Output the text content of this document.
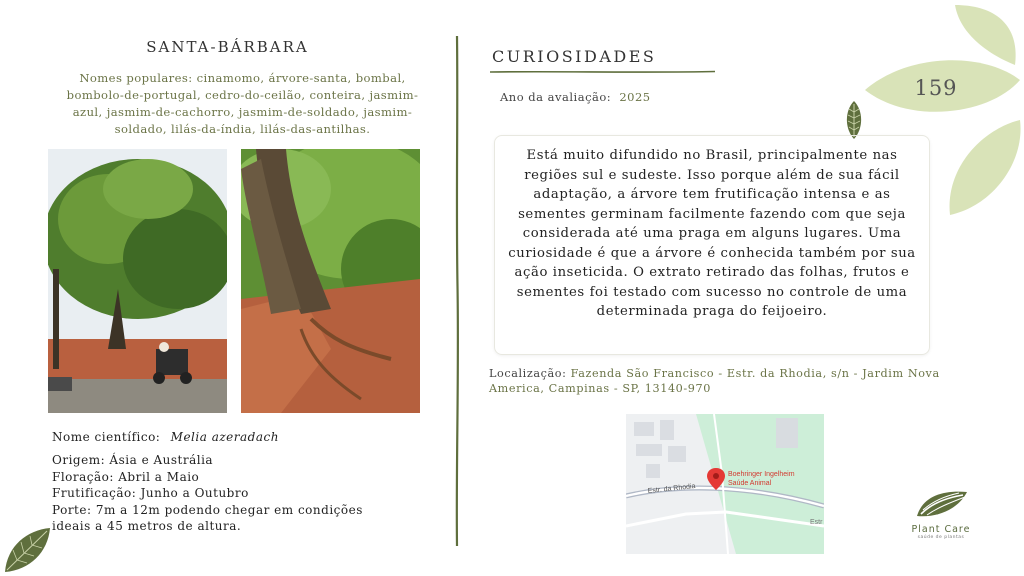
SANTA-BÁRBARA
Nomes populares: cinamomo, árvore-santa, bombal, bombolo-de-portugal, cedro-do-ceilão, conteira, jasmim-azul, jasmim-de-cachorro, jasmim-de-soldado, jasmim-soldado, lilás-da-índia, lilás-das-antilhas.
Nome científico: Melia azeradach
Origem: Ásia e Austrália
Floração: Abril a Maio
Frutificação: Junho a Outubro
Porte: 7m a 12m podendo chegar em condições
ideais a 45 metros de altura.
CURIOSIDADES
Ano da avaliação: 2025

Está muito difundido no Brasil, principalmente nas regiões sul e sudeste. Isso porque além de sua fácil adaptação, a árvore tem frutificação intensa e as sementes germinam facilmente fazendo com que seja considerada até uma praga em alguns lugares. Uma curiosidade é que a árvore é conhecida também por sua ação inseticida. O extrato retirado das folhas, frutos e sementes foi testado com sucesso no controle de uma determinada praga do feijoeiro.

Localização: Fazenda São Francisco - Estr. da Rhodia, s/n - Jardim Nova America, Campinas - SP, 13140-970
Estr. da Rhodia
Estr
Boehringer Ingelheim
Saúde Animal
159
Plant Care
saúde de plantas
